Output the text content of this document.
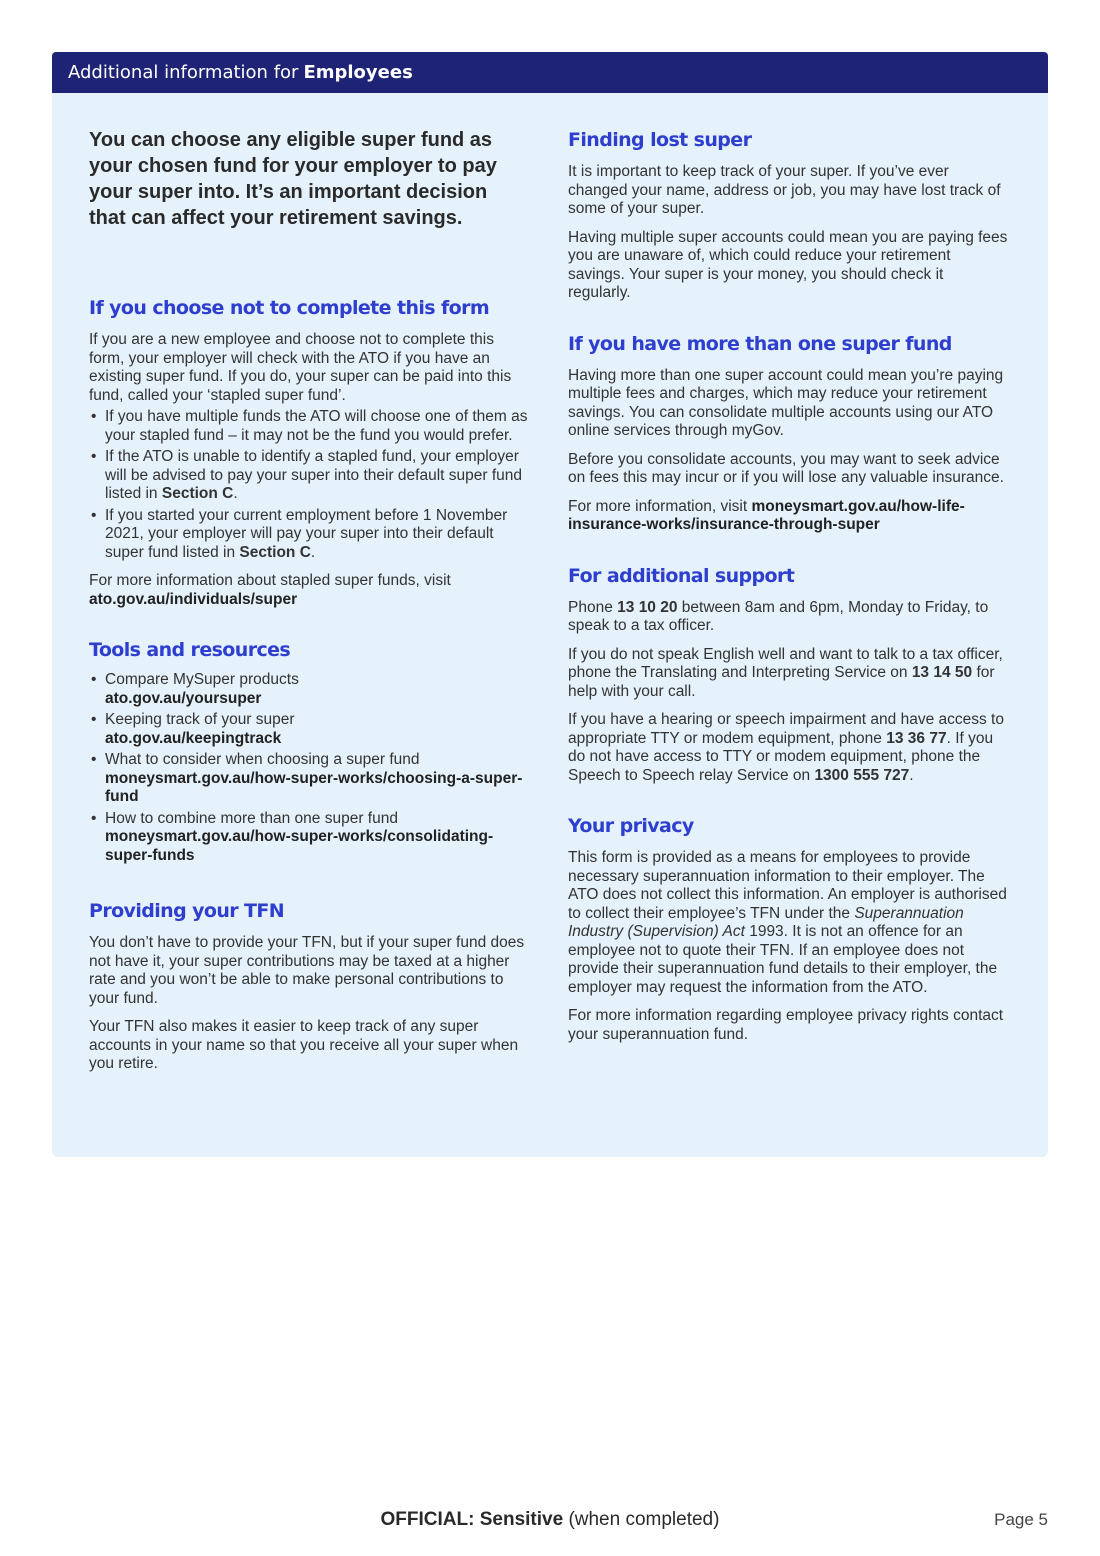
Additional information for Employees

You can choose any eligible super fund as your chosen fund for your employer to pay your super into. It’s an important decision that can affect your retirement savings.

If you choose not to complete this form

If you are a new employee and choose not to complete this form, your employer will check with the ATO if you have an existing super fund. If you do, your super can be paid into this fund, called your ‘stapled super fund’.

• If you have multiple funds the ATO will choose one of them as your stapled fund – it may not be the fund you would prefer.
• If the ATO is unable to identify a stapled fund, your employer will be advised to pay your super into their default super fund listed in Section C.
• If you started your current employment before 1 November 2021, your employer will pay your super into their default super fund listed in Section C.

For more information about stapled super funds, visit ato.gov.au/individuals/super

Tools and resources
• Compare MySuper products
ato.gov.au/yoursuper
• Keeping track of your super
ato.gov.au/keepingtrack
• What to consider when choosing a super fund
moneysmart.gov.au/how-super-works/choosing-a-super-fund
• How to combine more than one super fund
moneysmart.gov.au/how-super-works/consolidating-super-funds
Providing your TFN

You don’t have to provide your TFN, but if your super fund does not have it, your super contributions may be taxed at a higher rate and you won’t be able to make personal contributions to your fund.

Your TFN also makes it easier to keep track of any super accounts in your name so that you receive all your super when you retire.

Finding lost super

It is important to keep track of your super. If you’ve ever changed your name, address or job, you may have lost track of some of your super.

Having multiple super accounts could mean you are paying fees you are unaware of, which could reduce your retirement savings. Your super is your money, you should check it regularly.

If you have more than one super fund

Having more than one super account could mean you’re paying multiple fees and charges, which may reduce your retirement savings. You can consolidate multiple accounts using our ATO online services through myGov.

Before you consolidate accounts, you may want to seek advice on fees this may incur or if you will lose any valuable insurance.

For more information, visit moneysmart.gov.au/how-life-insurance-works/insurance-through-super

For additional support

Phone 13 10 20 between 8am and 6pm, Monday to Friday, to speak to a tax officer.

If you do not speak English well and want to talk to a tax officer, phone the Translating and Interpreting Service on 13 14 50 for help with your call.

If you have a hearing or speech impairment and have access to appropriate TTY or modem equipment, phone 13 36 77. If you do not have access to TTY or modem equipment, phone the Speech to Speech relay Service on 1300 555 727.

Your privacy

This form is provided as a means for employees to provide necessary superannuation information to their employer. The ATO does not collect this information. An employer is authorised to collect their employee’s TFN under the Superannuation Industry (Supervision) Act 1993. It is not an offence for an employee not to quote their TFN. If an employee does not provide their superannuation fund details to their employer, the employer may request the information from the ATO.

For more information regarding employee privacy rights contact your superannuation fund.

OFFICIAL: Sensitive (when completed)	Page 5
